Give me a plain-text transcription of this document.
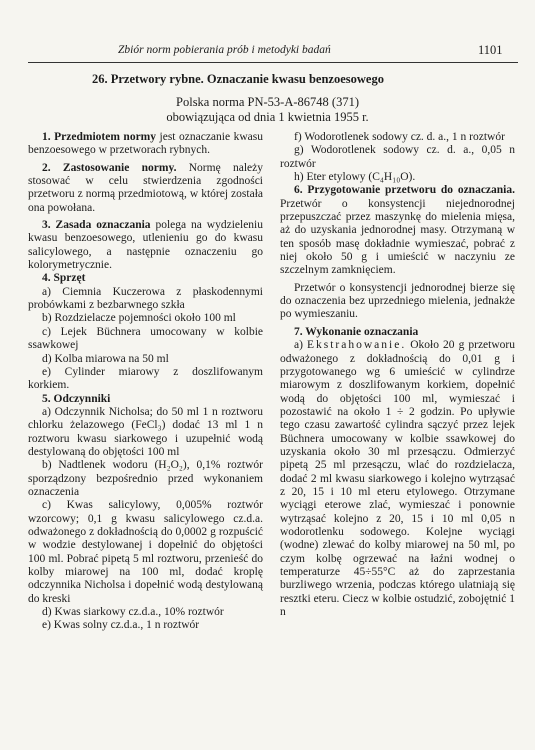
Zbiór norm pobierania prób i metodyki badań	1101
26. Przetwory rybne. Oznaczanie kwasu benzoesowego
Polska norma PN-53-A-86748 (371)
obowiązująca od dnia 1 kwietnia 1955 r.

1. Przedmiotem normy jest oznaczanie kwasu benzoesowego w przetworach rybnych.

2. Zastosowanie normy. Normę należy stosować w celu stwierdzenia zgodności przetworu z normą przedmiotową, w której została ona powołana.

3. Zasada oznaczania polega na wydzieleniu kwasu benzoesowego, utlenieniu go do kwasu salicylowego, a następnie oznaczeniu go kolorymetrycznie.

4. Sprzęt

a) Ciemnia Kuczerowa z płaskodennymi probówkami z bezbarwnego szkła

b) Rozdzielacze pojemności około 100 ml

c) Lejek Büchnera umocowany w kolbie ssawkowej

d) Kolba miarowa na 50 ml

e) Cylinder miarowy z doszlifowanym korkiem.

5. Odczynniki

a) Odczynnik Nicholsa; do 50 ml 1 n roztworu chlorku żelazowego (FeCl₃) dodać 13 ml 1 n roztworu kwasu siarkowego i uzupełnić wodą destylowaną do objętości 100 ml

b) Nadtlenek wodoru (H₂O₂), 0,1% roztwór sporządzony bezpośrednio przed wykonaniem oznaczenia

c) Kwas salicylowy, 0,005% roztwór wzorcowy; 0,1 g kwasu salicylowego cz.d.a. odważonego z dokładnością do 0,0002 g rozpuścić w wodzie destylowanej i dopełnić do objętości 100 ml. Pobrać pipetą 5 ml roztworu, przenieść do kolby miarowej na 100 ml, dodać kroplę odczynnika Nicholsa i dopełnić wodą destylowaną do kreski

d) Kwas siarkowy cz.d.a., 10% roztwór

e) Kwas solny cz.d.a., 1 n roztwór

f) Wodorotlenek sodowy cz. d. a., 1 n roztwór

g) Wodorotlenek sodowy cz. d. a., 0,05 n roztwór

h) Eter etylowy (C₄H₁₀O).

6. Przygotowanie przetworu do oznaczania. Przetwór o konsystencji niejednorodnej przepuszczać przez maszynkę do mielenia mięsa, aż do uzyskania jednorodnej masy. Otrzymaną w ten sposób masę dokładnie wymieszać, pobrać z niej około 50 g i umieścić w naczyniu ze szczelnym zamknięciem.

Przetwór o konsystencji jednorodnej bierze się do oznaczenia bez uprzedniego mielenia, jednakże po wymieszaniu.

7. Wykonanie oznaczania

a) Ekstrahowanie. Około 20 g przetworu odważonego z dokładnością do 0,01 g i przygotowanego wg 6 umieścić w cylindrze miarowym z doszlifowanym korkiem, dopełnić wodą do objętości 100 ml, wymieszać i pozostawić na około 1 ÷ 2 godzin. Po upływie tego czasu zawartość cylindra sączyć przez lejek Büchnera umocowany w kolbie ssawkowej do uzyskania około 30 ml przesączu. Odmierzyć pipetą 25 ml przesączu, wlać do rozdzielacza, dodać 2 ml kwasu siarkowego i kolejno wytrząsać z 20, 15 i 10 ml eteru etylowego. Otrzymane wyciągi eterowe zlać, wymieszać i ponownie wytrząsać kolejno z 20, 15 i 10 ml 0,05 n wodorotlenku sodowego. Kolejne wyciągi (wodne) zlewać do kolby miarowej na 50 ml, po czym kolbę ogrzewać na łaźni wodnej o temperaturze 45÷55°C aż do zaprzestania burzliwego wrzenia, podczas którego ulatniają się resztki eteru. Ciecz w kolbie ostudzić, zobojętnić 1 n
